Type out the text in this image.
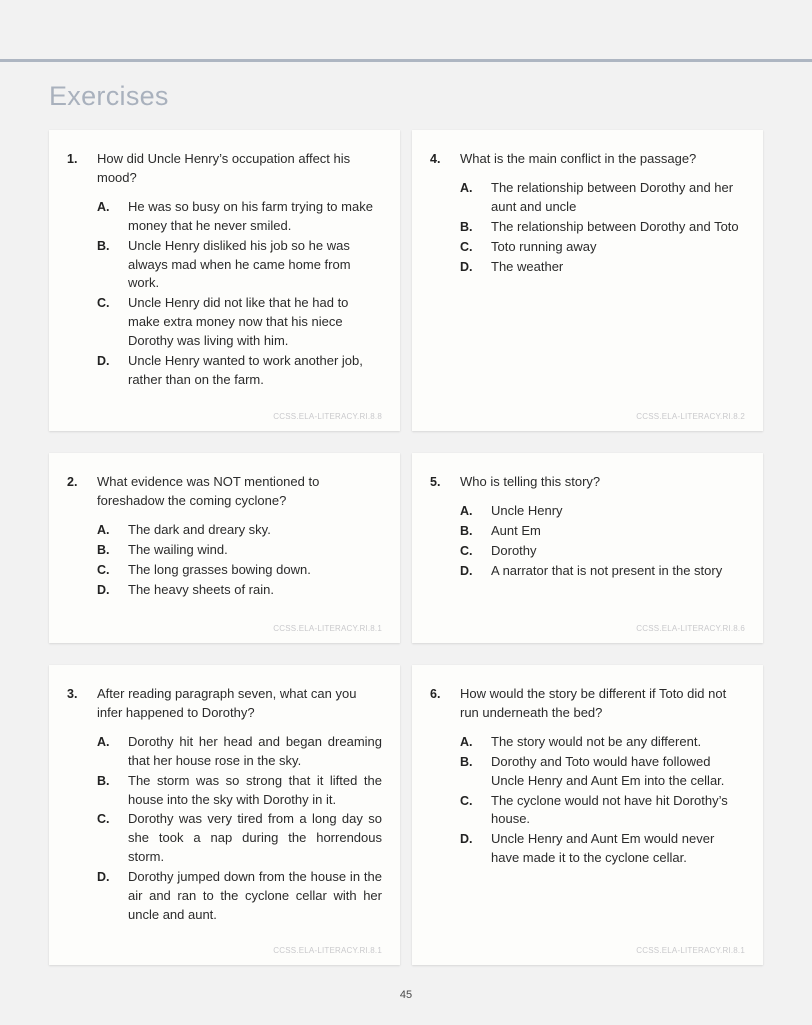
Exercises
1.	How did Uncle Henry’s occupation affect his mood?
A.	He was so busy on his farm trying to make money that he never smiled.
B.	Uncle Henry disliked his job so he was always mad when he came home from work.
C.	Uncle Henry did not like that he had to make extra money now that his niece Dorothy was living with him.
D.	Uncle Henry wanted to work another job, rather than on the farm.
CCSS.ELA-LITERACY.RI.8.8
4.	What is the main conflict in the passage?
A.	The relationship between Dorothy and her aunt and uncle
B.	The relationship between Dorothy and Toto
C.	Toto running away
D.	The weather
CCSS.ELA-LITERACY.RI.8.2
2.	What evidence was NOT mentioned to foreshadow the coming cyclone?
A.	The dark and dreary sky.
B.	The wailing wind.
C.	The long grasses bowing down.
D.	The heavy sheets of rain.
CCSS.ELA-LITERACY.RI.8.1
5.	Who is telling this story?
A.	Uncle Henry
B.	Aunt Em
C.	Dorothy
D.	A narrator that is not present in the story
CCSS.ELA-LITERACY.RI.8.6
3.	After reading paragraph seven, what can you infer happened to Dorothy?
A.	Dorothy hit her head and began dreaming that her house rose in the sky.
B.	The storm was so strong that it lifted the house into the sky with Dorothy in it.
C.	Dorothy was very tired from a long day so she took a nap during the horrendous storm.
D.	Dorothy jumped down from the house in the air and ran to the cyclone cellar with her uncle and aunt.
CCSS.ELA-LITERACY.RI.8.1
6.	How would the story be different if Toto did not run underneath the bed?
A.	The story would not be any different.
B.	Dorothy and Toto would have followed Uncle Henry and Aunt Em into the cellar.
C.	The cyclone would not have hit Dorothy’s house.
D.	Uncle Henry and Aunt Em would never have made it to the cyclone cellar.
CCSS.ELA-LITERACY.RI.8.1
45
